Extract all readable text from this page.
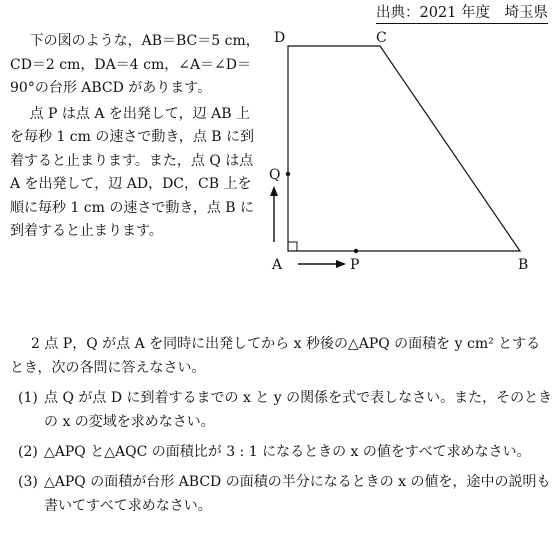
出典：2021 年度　埼玉県

下の図のような，AB＝BC＝5 cm，CD＝2 cm，DA＝4 cm，∠A＝∠D＝90°の台形 ABCD があります。

点 P は点 A を出発して，辺 AB 上を毎秒 1 cm の速さで動き，点 B に到着すると止まります。また，点 Q は点 A を出発して，辺 AD，DC，CB 上を順に毎秒 1 cm の速さで動き，点 B に到着すると止まります。

A	B
C
D
P
Q

2 点 P，Q が点 A を同時に出発してから x 秒後の△APQ の面積を y cm² とするとき，次の各問に答えなさい。

(1) 点 Q が点 D に到着するまでの x と y の関係を式で表しなさい。また，そのときの x の変域を求めなさい。
(2) △APQ と△AQC の面積比が 3 : 1 になるときの x の値をすべて求めなさい。
(3) △APQ の面積が台形 ABCD の面積の半分になるときの x の値を，途中の説明も書いてすべて求めなさい。
